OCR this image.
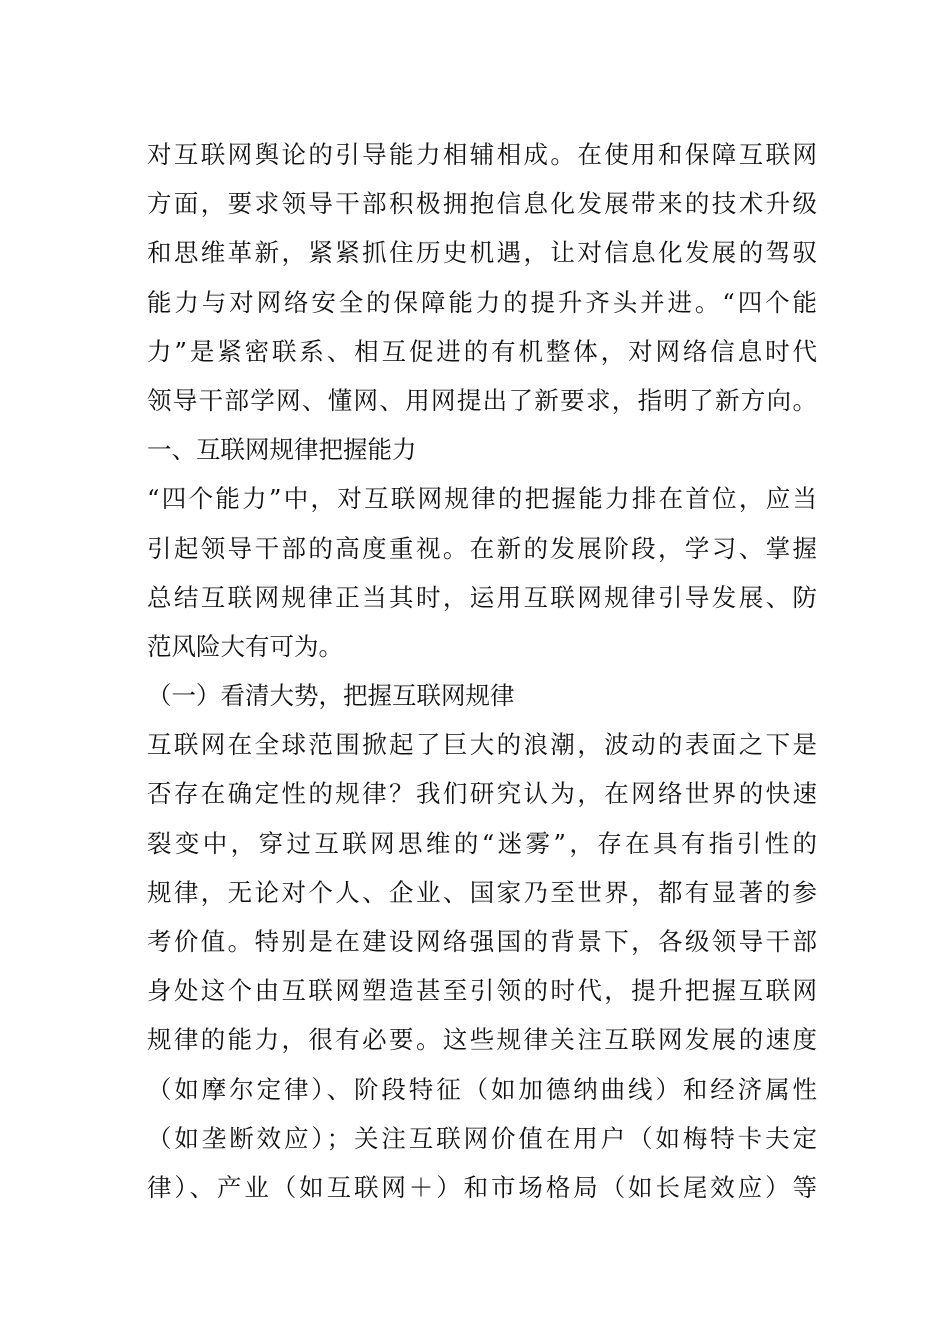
对互联网舆论的引导能力相辅相成。在使用和保障互联网
方面，要求领导干部积极拥抱信息化发展带来的技术升级
和思维革新，紧紧抓住历史机遇，让对信息化发展的驾驭
能力与对网络安全的保障能力的提升齐头并进。“四个能
力”是紧密联系、相互促进的有机整体，对网络信息时代
领导干部学网、懂网、用网提出了新要求，指明了新方向。
一、互联网规律把握能力
“四个能力”中，对互联网规律的把握能力排在首位，应当
引起领导干部的高度重视。在新的发展阶段，学习、掌握
总结互联网规律正当其时，运用互联网规律引导发展、防
范风险大有可为。
（一）看清大势，把握互联网规律
互联网在全球范围掀起了巨大的浪潮，波动的表面之下是
否存在确定性的规律？我们研究认为，在网络世界的快速
裂变中，穿过互联网思维的“迷雾”，存在具有指引性的
规律，无论对个人、企业、国家乃至世界，都有显著的参
考价值。特别是在建设网络强国的背景下，各级领导干部
身处这个由互联网塑造甚至引领的时代，提升把握互联网
规律的能力，很有必要。这些规律关注互联网发展的速度
（如摩尔定律）、阶段特征（如加德纳曲线）和经济属性
（如垄断效应）；关注互联网价值在用户（如梅特卡夫定
律）、产业（如互联网＋）和市场格局（如长尾效应）等
